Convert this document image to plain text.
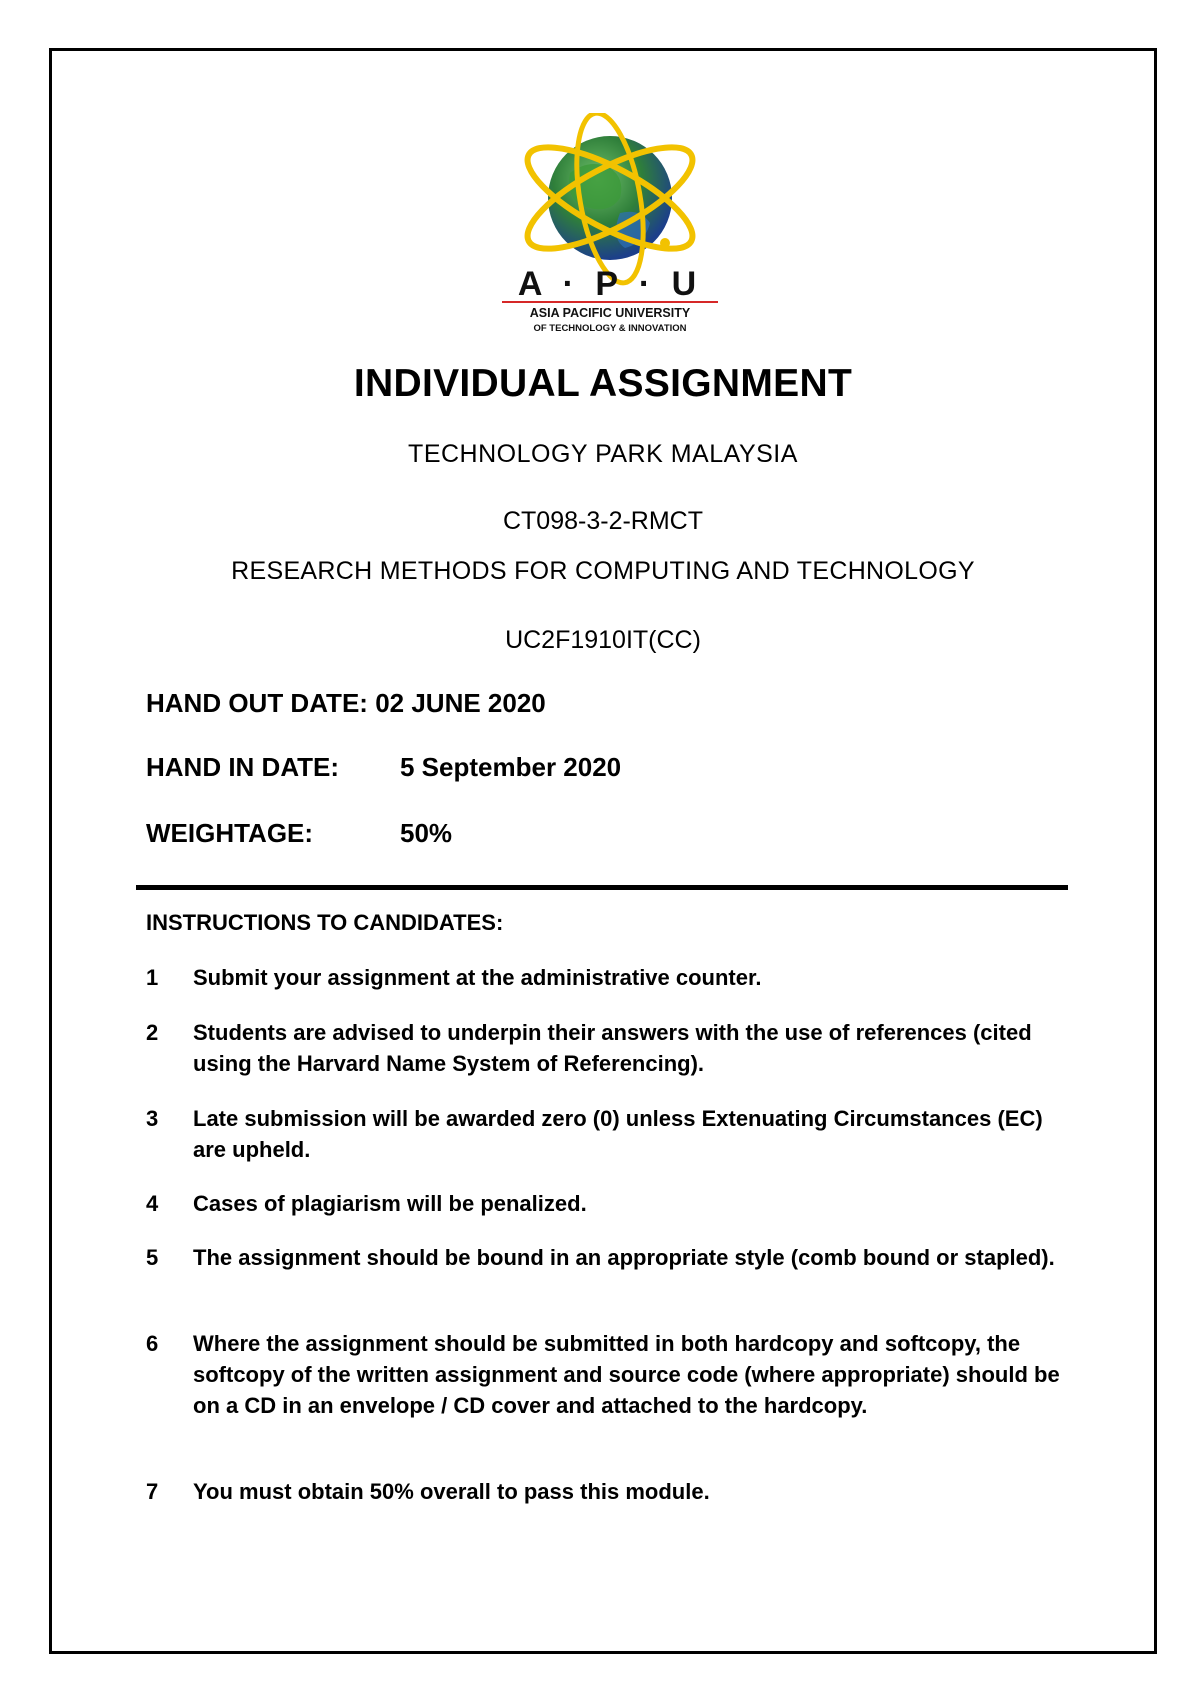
A · P · U
ASIA PACIFIC UNIVERSITY
OF TECHNOLOGY & INNOVATION
INDIVIDUAL ASSIGNMENT
TECHNOLOGY PARK MALAYSIA
CT098-3-2-RMCT
RESEARCH METHODS FOR COMPUTING AND TECHNOLOGY
UC2F1910IT(CC)
HAND OUT DATE: 02 JUNE 2020
HAND IN DATE: 5 September 2020
WEIGHTAGE:	50%
INSTRUCTIONS TO CANDIDATES:
1 Submit your assignment at the administrative counter.
2 Students are advised to underpin their answers with the use of references (cited using the Harvard Name System of Referencing).
3 Late submission will be awarded zero (0) unless Extenuating Circumstances (EC) are upheld.
4 Cases of plagiarism will be penalized.
5 The assignment should be bound in an appropriate style (comb bound or stapled).
6 Where the assignment should be submitted in both hardcopy and softcopy, the softcopy of the written assignment and source code (where appropriate) should be on a CD in an envelope / CD cover and attached to the hardcopy.
7 You must obtain 50% overall to pass this module.
